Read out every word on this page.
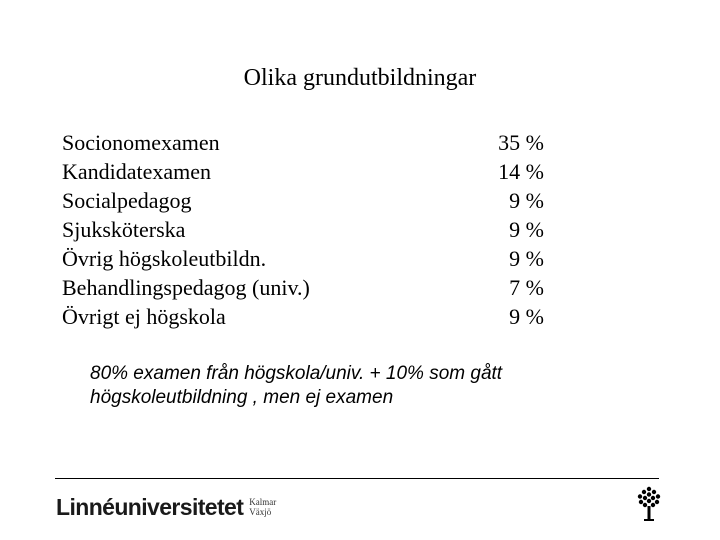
Olika grundutbildningar
Socionomexamen	35 %
Kandidatexamen	14 %
Socialpedagog	9 %
Sjuksköterska	9 %
Övrig högskoleutbildn.	9 %
Behandlingspedagog (univ.)	7 %
Övrigt ej högskola	9 %
80% examen från högskola/univ. + 10% som gått
högskoleutbildning , men ej examen
Linnéuniversitetet Kalmar
Växjö
